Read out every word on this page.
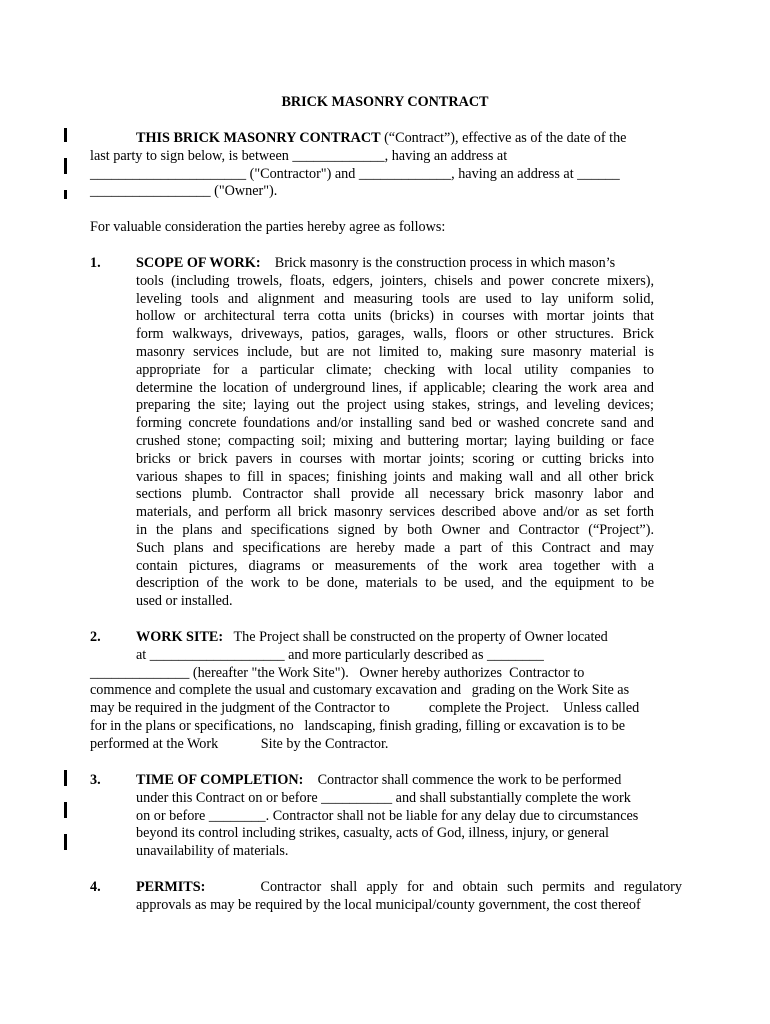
BRICK MASONRY CONTRACT
THIS BRICK MASONRY CONTRACT (“Contract”), effective as of the date of the
last party to sign below, is between _____________, having an address at
______________________ ("Contractor") and _____________, having an address at ______
_________________ ("Owner").
For valuable consideration the parties hereby agree as follows:
1. SCOPE OF WORK: Brick masonry is the construction process in which mason’s
tools (including trowels, floats, edgers, jointers, chisels and power concrete mixers),
leveling tools and alignment and measuring tools are used to lay uniform solid,
hollow or architectural terra cotta units (bricks) in courses with mortar joints that
form walkways, driveways, patios, garages, walls, floors or other structures. Brick
masonry services include, but are not limited to, making sure masonry material is
appropriate for a particular climate; checking with local utility companies to
determine the location of underground lines, if applicable; clearing the work area and
preparing the site; laying out the project using stakes, strings, and leveling devices;
forming concrete foundations and/or installing sand bed or washed concrete sand and
crushed stone; compacting soil; mixing and buttering mortar; laying building or face
bricks or brick pavers in courses with mortar joints; scoring or cutting bricks into
various shapes to fill in spaces; finishing joints and making wall and all other brick
sections plumb. Contractor shall provide all necessary brick masonry labor and
materials, and perform all brick masonry services described above and/or as set forth
in the plans and specifications signed by both Owner and Contractor (“Project”).
Such plans and specifications are hereby made a part of this Contract and may
contain pictures, diagrams or measurements of the work area together with a
description of the work to be done, materials to be used, and the equipment to be
used or installed.
2.	WORK SITE: The Project shall be constructed on the property of Owner located
at ___________________ and more particularly described as ________
______________ (hereafter "the Work Site").   Owner hereby authorizes  Contractor to
commence and complete the usual and customary excavation and   grading on the Work Site as
may be required in the judgment of the Contractor to           complete the Project.    Unless called
for in the plans or specifications, no   landscaping, finish grading, filling or excavation is to be
performed at the Work            Site by the Contractor.
3. TIME OF COMPLETION: Contractor shall commence the work to be performed
under this Contract on or before __________ and shall substantially complete the work
on or before ________. Contractor shall not be liable for any delay due to circumstances
beyond its control including strikes, casualty, acts of God, illness, injury, or general
unavailability of materials.
4. PERMITS:	Contractor shall apply for and obtain such permits and regulatory
approvals as may be required by the local municipal/county government, the cost thereof
